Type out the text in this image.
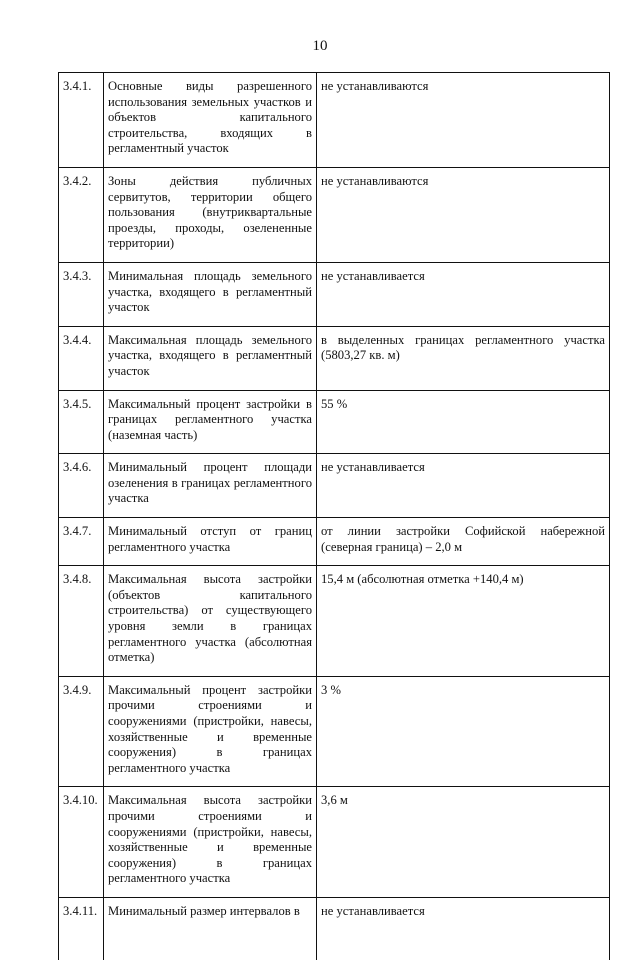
10
3.4.1.	Основные виды разрешенного использования земельных участков и объектов капитального строительства, входящих в регламентный участок	не устанавливаются
3.4.2.	Зоны действия публичных сервитутов, территории общего пользования (внутриквартальные проезды, проходы, озелененные территории)	не устанавливаются
3.4.3.	Минимальная площадь земельного участка, входящего в регламентный участок	не устанавливается
3.4.4.	Максимальная площадь земельного участка, входящего в регламентный участок	в выделенных границах регламентного участка (5803,27 кв. м)
3.4.5.	Максимальный процент застройки в границах регламентного участка (наземная часть)	55 %
3.4.6.	Минимальный процент площади озеленения в границах регламентного участка	не устанавливается
3.4.7.	Минимальный отступ от границ регламентного участка	от линии застройки Софийской набережной (северная граница) – 2,0 м
3.4.8.	Максимальная высота застройки (объектов капитального строительства) от существующего уровня земли в границах регламентного участка (абсолютная отметка)	15,4 м (абсолютная отметка +140,4 м)
3.4.9.	Максимальный процент застройки прочими строениями и сооружениями (пристройки, навесы, хозяйственные и временные сооружения) в границах регламентного участка	3 %
3.4.10.	Максимальная высота застройки прочими строениями и сооружениями (пристройки, навесы, хозяйственные и временные сооружения) в границах регламентного участка	3,6 м
3.4.11.	Минимальный размер интервалов в	не устанавливается
